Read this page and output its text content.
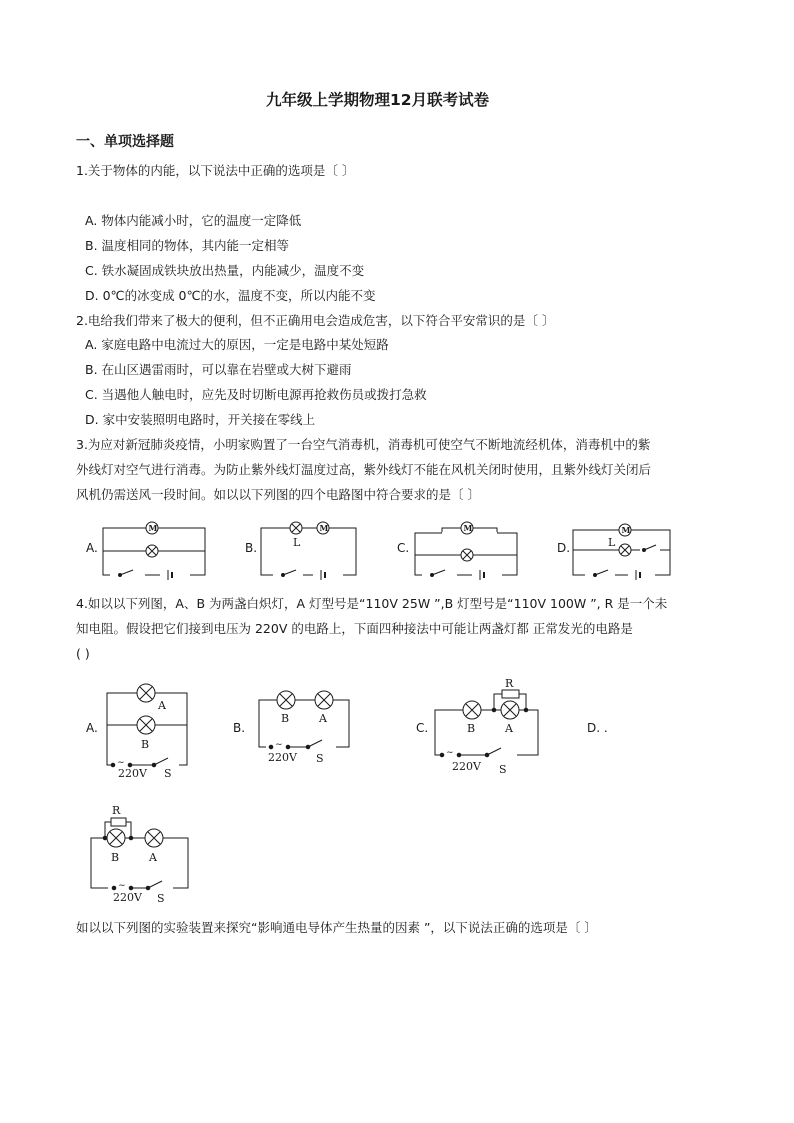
九年级上学期物理12月联考试卷
一、单项选择题
1.关于物体的内能，以下说法中正确的选项是〔 〕
A. 物体内能减小时，它的温度一定降低
B. 温度相同的物体，其内能一定相等
C. 铁水凝固成铁块放出热量，内能减少，温度不变
D. 0℃的冰变成 0℃的水，温度不变，所以内能不变
2.电给我们带来了极大的便利，但不正确用电会造成危害，以下符合平安常识的是〔 〕
A. 家庭电路中电流过大的原因，一定是电路中某处短路
B. 在山区遇雷雨时，可以靠在岩壁或大树下避雨
C. 当遇他人触电时，应先及时切断电源再抢救伤员或拨打急救
D. 家中安装照明电路时，开关接在零线上
3.为应对新冠肺炎疫情，小明家购置了一台空气消毒机，消毒机可使空气不断地流经机体，消毒机中的紫
外线灯对空气进行消毒。为防止紫外线灯温度过高，紫外线灯不能在风机关闭时使用，且紫外线灯关闭后
风机仍需送风一段时间。如以以下列图的四个电路图中符合要求的是〔 〕
A.	B.	C.	D.
M
L
M	M	M
L
4.如以以下列图，A、B 为两盏白炽灯，A 灯型号是“110V 25W ”,B 灯型号是“110V 100W ”, R 是一个未
知电阻。假设把它们接到电压为 220V 的电路上，下面四种接法中可能让两盏灯都 正常发光的电路是
( )
A.	B.	C.	D. .
A
B
∼
220V S
B	A
∼
220V S
R
B	A
∼
220V S
R
B	A
∼
220V S
如以以下列图的实验装置来探究“影响通电导体产生热量的因素 ”，以下说法正确的选项是〔 〕
